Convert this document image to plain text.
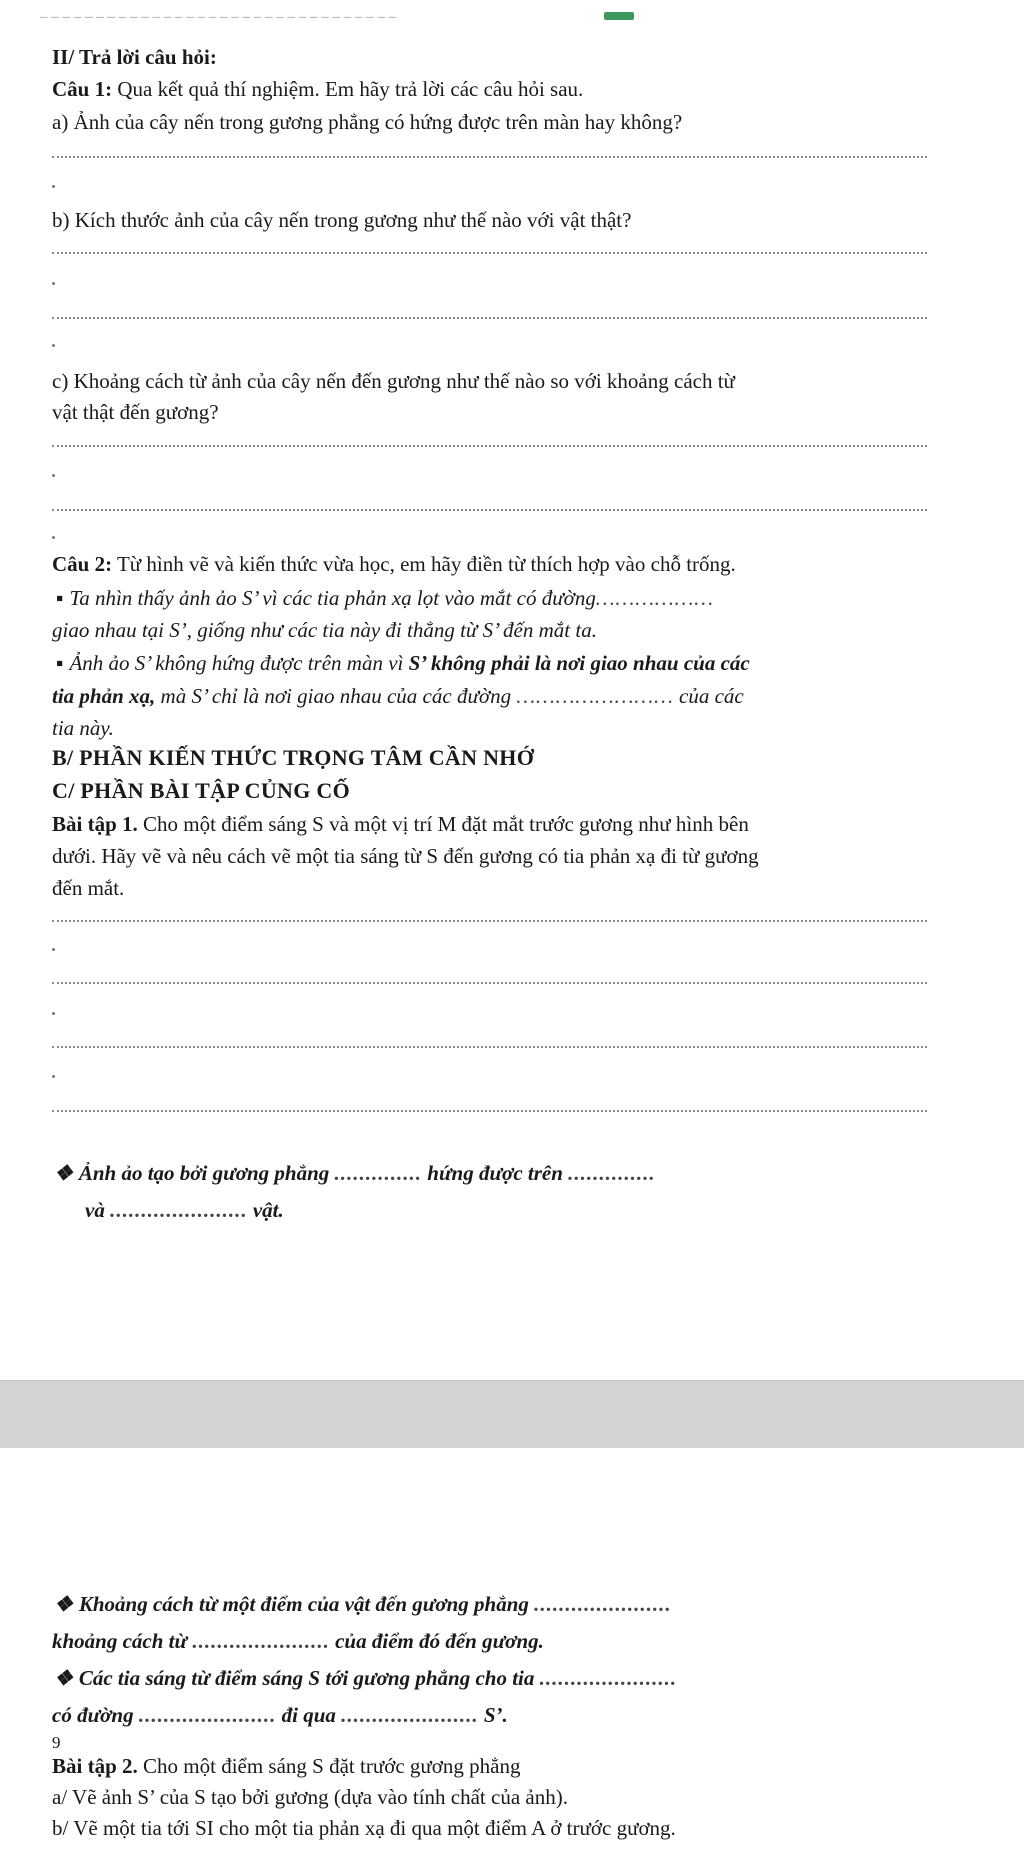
– – – – – – – – – – – – – – – – – – – – – – – – – – – – – – – –
II/ Trả lời câu hỏi:
Câu 1: Qua kết quả thí nghiệm. Em hãy trả lời các câu hỏi sau.
a) Ảnh của cây nến trong gương phẳng có hứng được trên màn hay không?
b) Kích thước ảnh của cây nến trong gương như thế nào với vật thật?
c) Khoảng cách từ ảnh của cây nến đến gương như thế nào so với khoảng cách từ
vật thật đến gương?
Câu 2: Từ hình vẽ và kiến thức vừa học, em hãy điền từ thích hợp vào chỗ trống.
▪ Ta nhìn thấy ảnh ảo S’ vì các tia phản xạ lọt vào mắt có đường………………
giao nhau tại S’, giống như các tia này đi thẳng từ S’ đến mắt ta.
▪ Ảnh ảo S’ không hứng được trên màn vì S’ không phải là nơi giao nhau của các
tia phản xạ, mà S’ chỉ là nơi giao nhau của các đường …………………… của các
tia này.
B/ PHẦN KIẾN THỨC TRỌNG TÂM CẦN NHỚ
C/ PHẦN BÀI TẬP CỦNG CỐ
Bài tập 1. Cho một điểm sáng S và một vị trí M đặt mắt trước gương như hình bên
dưới. Hãy vẽ và nêu cách vẽ một tia sáng từ S đến gương có tia phản xạ đi từ gương
đến mắt.
❖ Ảnh ảo tạo bởi gương phẳng .............. hứng được trên ..............
và ...................... vật.
❖ Khoảng cách từ một điểm của vật đến gương phẳng ......................
khoảng cách từ ...................... của điểm đó đến gương.
❖ Các tia sáng từ điểm sáng S tới gương phẳng cho tia ......................
có đường ...................... đi qua ...................... S’.
9
Bài tập 2. Cho một điểm sáng S đặt trước gương phẳng
a/ Vẽ ảnh S’ của S tạo bởi gương (dựa vào tính chất của ảnh).
b/ Vẽ một tia tới SI cho một tia phản xạ đi qua một điểm A ở trước gương.
